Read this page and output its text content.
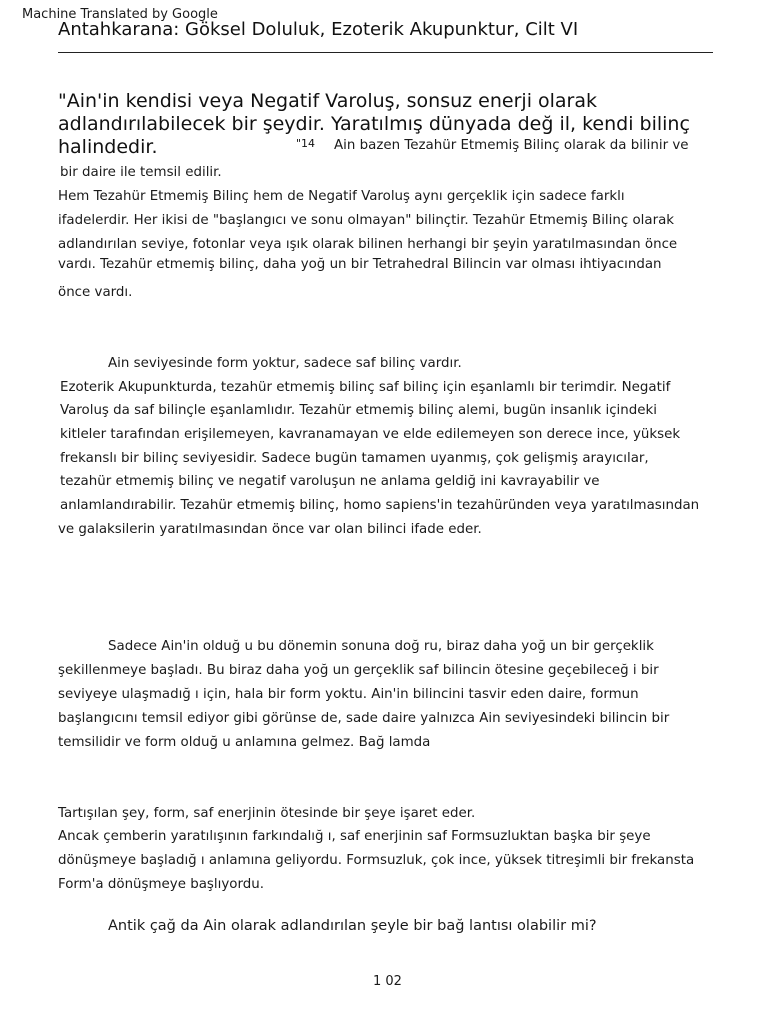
Machine Translated by Google
Antahkarana: Göksel Doluluk, Ezoterik Akupunktur, Cilt VI
"Ain'in kendisi veya Negatif Varoluş, sonsuz enerji olarak
adlandırılabilecek bir şeydir. Yaratılmış dünyada değ il, kendi bilinç
halindedir.	"14 Ain bazen Tezahür Etmemiş Bilinç olarak da bilinir ve
bir daire ile temsil edilir.
Hem Tezahür Etmemiş Bilinç hem de Negatif Varoluş aynı gerçeklik için sadece farklı
ifadelerdir. Her ikisi de "başlangıcı ve sonu olmayan" bilinçtir. Tezahür Etmemiş Bilinç olarak
adlandırılan seviye, fotonlar veya ışık olarak bilinen herhangi bir şeyin yaratılmasından önce
vardı. Tezahür etmemiş bilinç, daha yoğ un bir Tetrahedral Bilincin var olması ihtiyacından
önce vardı.
Ain seviyesinde form yoktur, sadece saf bilinç vardır.
Ezoterik Akupunkturda, tezahür etmemiş bilinç saf bilinç için eşanlamlı bir terimdir. Negatif
Varoluş da saf bilinçle eşanlamlıdır. Tezahür etmemiş bilinç alemi, bugün insanlık içindeki
kitleler tarafından erişilemeyen, kavranamayan ve elde edilemeyen son derece ince, yüksek
frekanslı bir bilinç seviyesidir. Sadece bugün tamamen uyanmış, çok gelişmiş arayıcılar,
tezahür etmemiş bilinç ve negatif varoluşun ne anlama geldiğ ini kavrayabilir ve
anlamlandırabilir. Tezahür etmemiş bilinç, homo sapiens'in tezahüründen veya yaratılmasından
ve galaksilerin yaratılmasından önce var olan bilinci ifade eder.
Sadece Ain'in olduğ u bu dönemin sonuna doğ ru, biraz daha yoğ un bir gerçeklik
şekillenmeye başladı. Bu biraz daha yoğ un gerçeklik saf bilincin ötesine geçebileceğ i bir
seviyeye ulaşmadığ ı için, hala bir form yoktu. Ain'in bilincini tasvir eden daire, formun
başlangıcını temsil ediyor gibi görünse de, sade daire yalnızca Ain seviyesindeki bilincin bir
temsilidir ve form olduğ u anlamına gelmez. Bağ lamda
Tartışılan şey, form, saf enerjinin ötesinde bir şeye işaret eder.
Ancak çemberin yaratılışının farkındalığ ı, saf enerjinin saf Formsuzluktan başka bir şeye
dönüşmeye başladığ ı anlamına geliyordu. Formsuzluk, çok ince, yüksek titreşimli bir frekansta
Form'a dönüşmeye başlıyordu.
Antik çağ da Ain olarak adlandırılan şeyle bir bağ lantısı olabilir mi?
1 02
